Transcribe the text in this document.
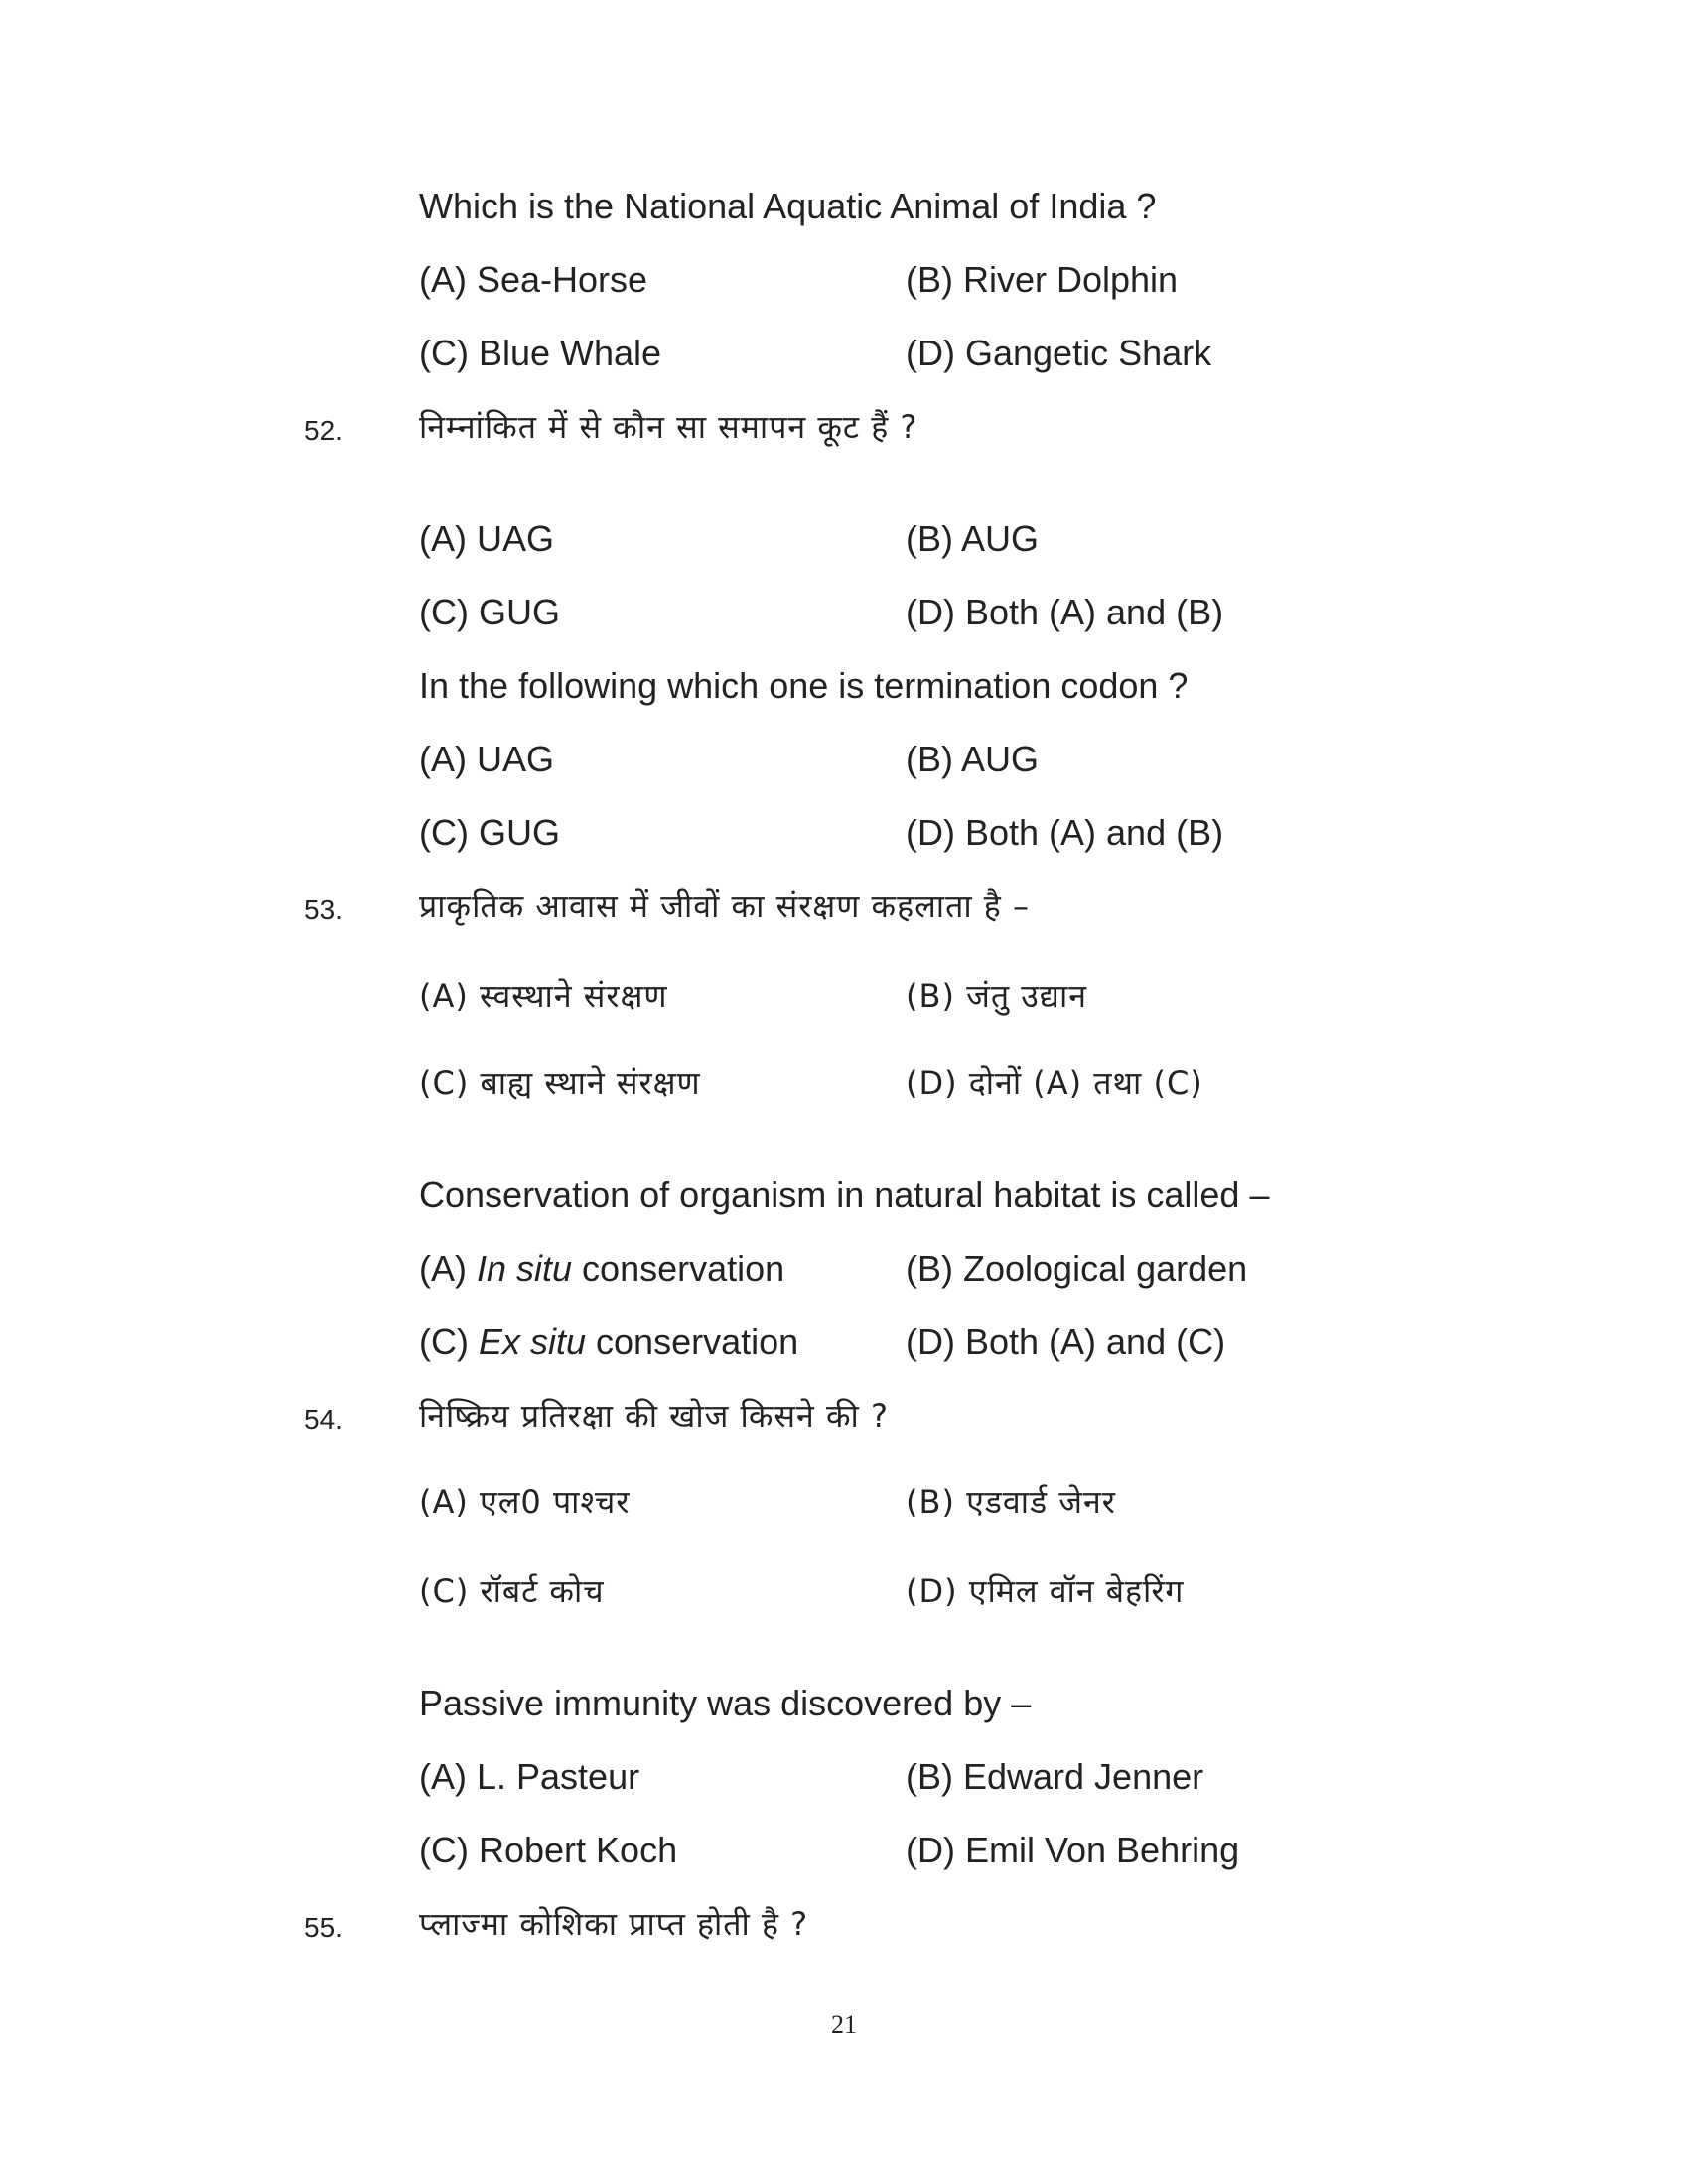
Which is the National Aquatic Animal of India ?
(A) Sea-Horse	(B) River Dolphin
(C) Blue Whale	(D) Gangetic Shark
52. निम्नांकित में से कौन सा समापन कूट हैं ?
(A) UAG	(B) AUG
(C) GUG	(D) Both (A) and (B)
In the following which one is termination codon ?
(A) UAG	(B) AUG
(C) GUG	(D) Both (A) and (B)
53. प्राकृतिक आवास में जीवों का संरक्षण कहलाता है –
(A) स्वस्थाने संरक्षण	(B) जंतु उद्यान
(C) बाह्य स्थाने संरक्षण	(D) दोनों (A) तथा (C)
Conservation of organism in natural habitat is called –
(A) In situ conservation	(B) Zoological garden
(C) Ex situ conservation	(D) Both (A) and (C)
54. निष्क्रिय प्रतिरक्षा की खोज किसने की ?
(A) एल0 पाश्चर	(B) एडवार्ड जेनर
(C) रॉबर्ट कोच	(D) एमिल वॉन बेहरिंग
Passive immunity was discovered by –
(A) L. Pasteur	(B) Edward Jenner
(C) Robert Koch	(D) Emil Von Behring
55. प्लाज्मा कोशिका प्राप्त होती है ?
21
